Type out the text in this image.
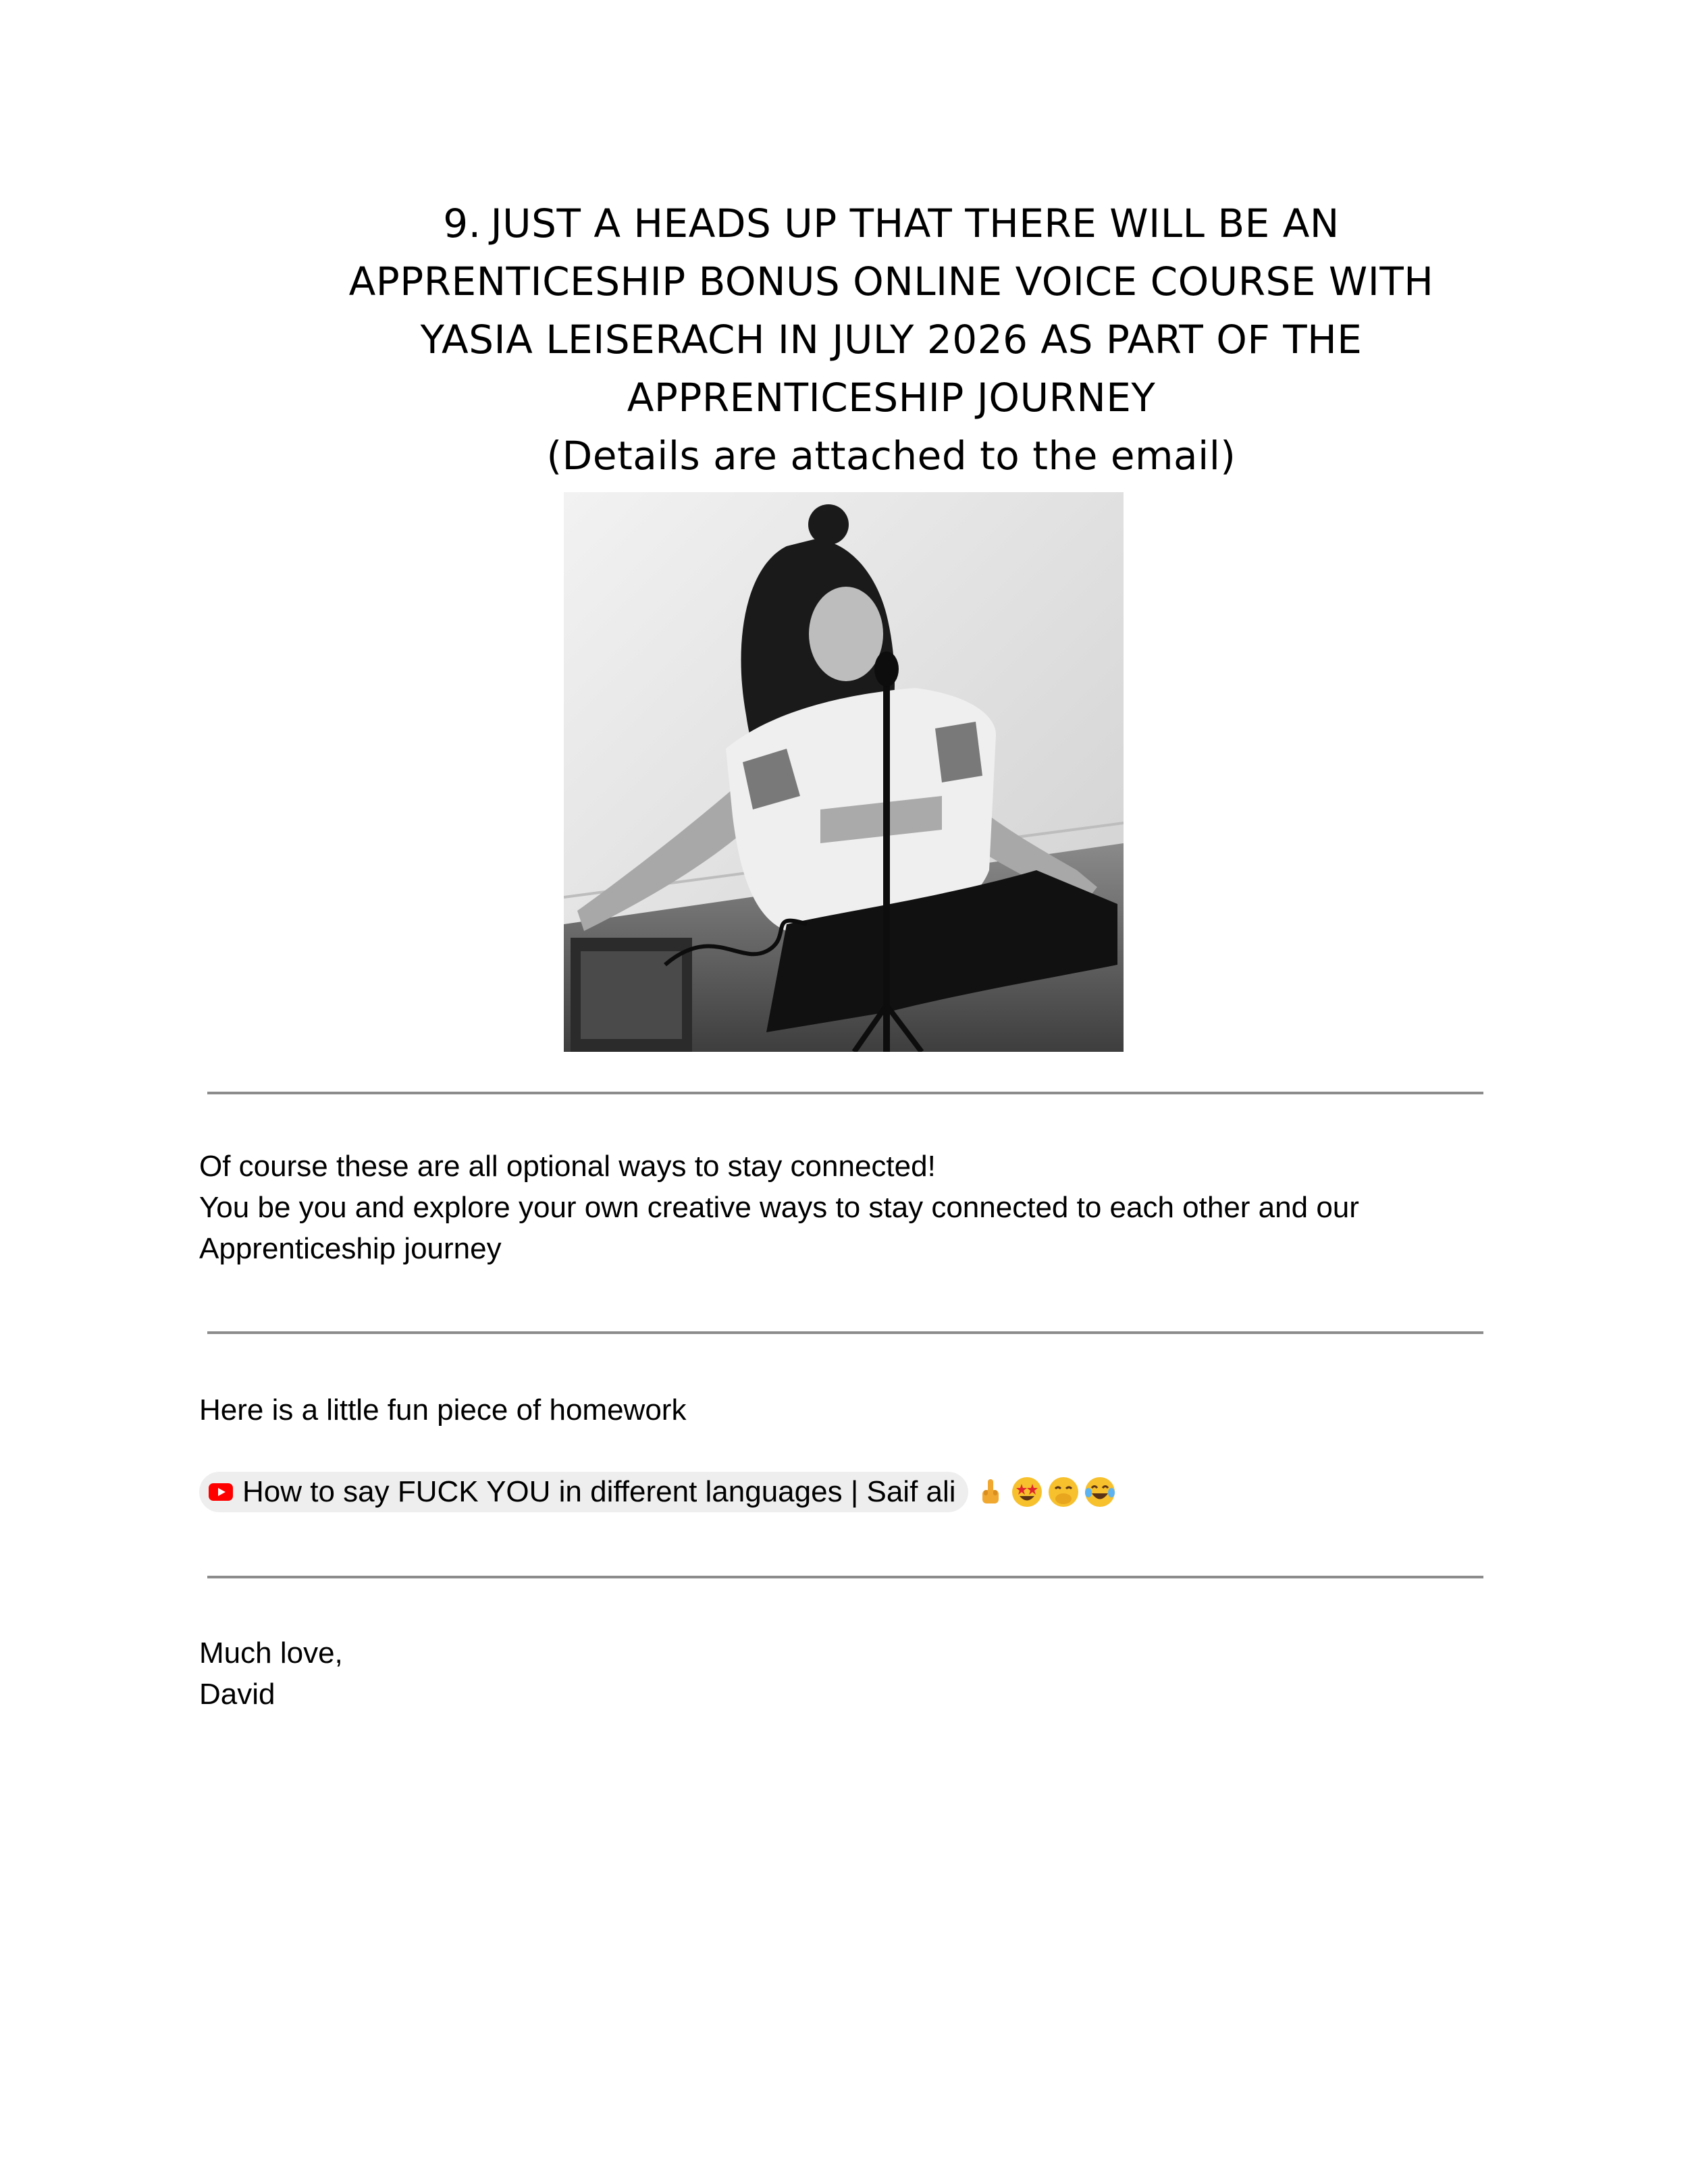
9. JUST A HEADS UP THAT THERE WILL BE AN
APPRENTICESHIP BONUS ONLINE VOICE COURSE WITH
YASIA LEISERACH IN JULY 2026 AS PART OF THE
APPRENTICESHIP JOURNEY
(Details are attached to the email)
Of course these are all optional ways to stay connected!
You be you and explore your own creative ways to stay connected to each other and our
Apprenticeship journey
Here is a little fun piece of homework
How to say FUCK YOU in different languages | Saif ali
Much love,
David
